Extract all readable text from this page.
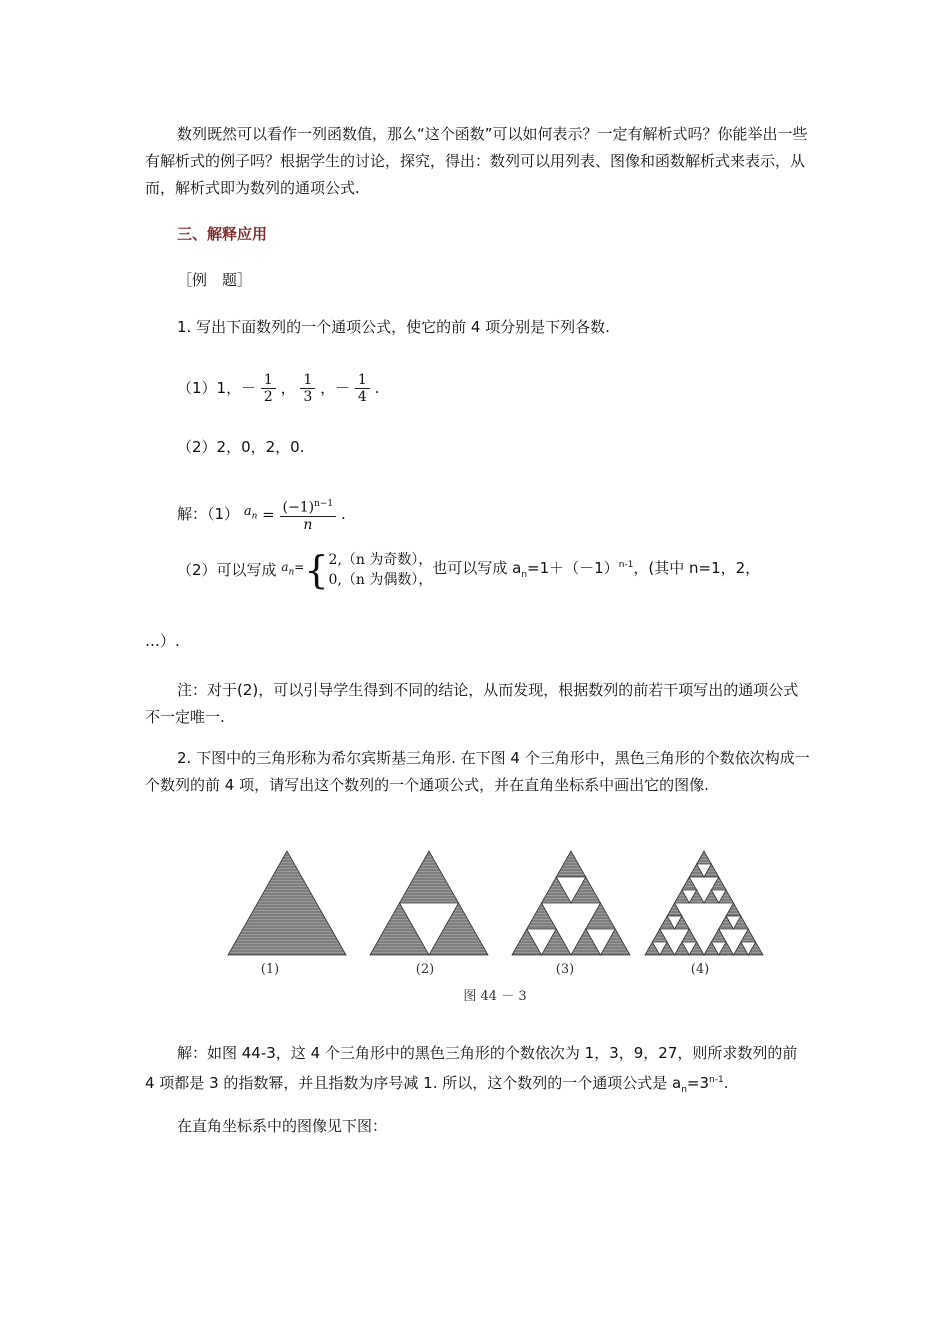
数列既然可以看作一列函数值，那么“这个函数”可以如何表示？一定有解析式吗？你能举出一些有解析式的例子吗？根据学生的讨论，探究，得出：数列可以用列表、图像和函数解析式来表示，从而，解析式即为数列的通项公式.

三、解释应用

［例　题］

1. 写出下面数列的一个通项公式，使它的前 4 项分别是下列各数.

（1）1，－ $\frac{1}{2}$ ， $\frac{1}{3}$ ，－ $\frac{1}{4}$ .

（2）2，0，2，0.

解：（1） $a_n = \frac{(-1)^{n-1}}{n}$ .
（2）可以写成 $a_n=${ 2,（n 为奇数），
0,（n 为偶数），
也可以写成 $a_n=1+(-1)^{n-1}$，(其中 n=1，2，

…）.

注：对于(2)，可以引导学生得到不同的结论，从而发现，根据数列的前若干项写出的通项公式不一定唯一.

2. 下图中的三角形称为希尔宾斯基三角形. 在下图 4 个三角形中，黑色三角形的个数依次构成一个数列的前 4 项，请写出这个数列的一个通项公式，并在直角坐标系中画出它的图像.

(1)	(2)	(3)	(4)
图 44 － 3
解：如图 44-3，这 4 个三角形中的黑色三角形的个数依次为 1，3，9，27，则所求数列的前 4 项都是 3 的指数幂，并且指数为序号减 1. 所以，这个数列的一个通项公式是 $a_n=3^{n-1}$.

在直角坐标系中的图像见下图：
